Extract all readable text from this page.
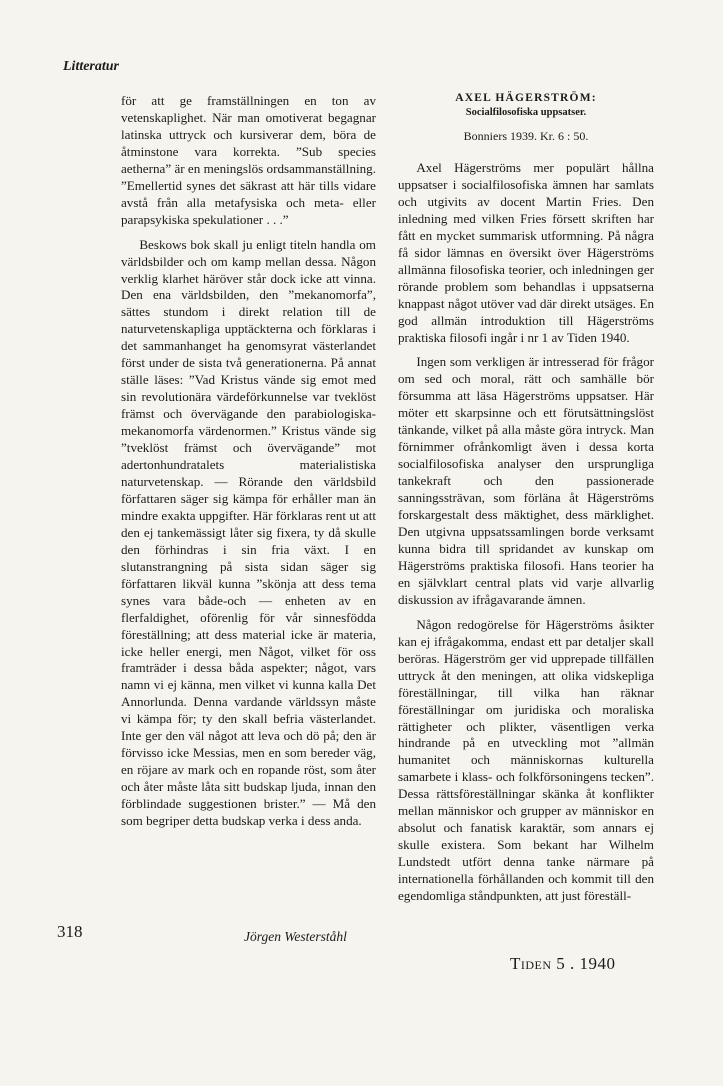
Litteratur

för att ge framställningen en ton av vetenskaplighet. När man omotiverat begagnar latinska uttryck och kursiverar dem, böra de åtminstone vara korrekta. ”Sub species aetherna” är en meningslös ordsammanställning. ”Emellertid synes det säkrast att här tills vidare avstå från alla metafysiska och meta- eller parapsykiska spekulationer . . .”

Beskows bok skall ju enligt titeln handla om världsbilder och om kamp mellan dessa. Någon verklig klarhet häröver står dock icke att vinna. Den ena världsbilden, den ”mekanomorfa”, sättes stundom i direkt relation till de naturvetenskapliga upptäckterna och förklaras i det sammanhanget ha genomsyrat västerlandet först under de sista två generationerna. På annat ställe läses: ”Vad Kristus vände sig emot med sin revolutionära värdeförkunnelse var tveklöst främst och övervägande den parabiologiska-mekanomorfa värdenormen.” Kristus vände sig ”tveklöst främst och övervägande” mot adertonhundratalets materialistiska naturvetenskap. — Rörande den världsbild författaren säger sig kämpa för erhåller man än mindre exakta uppgifter. Här förklaras rent ut att den ej tankemässigt låter sig fixera, ty då skulle den förhindras i sin fria växt. I en slutanstrangning på sista sidan säger sig författaren likväl kunna ”skönja att dess tema synes vara både-och — enheten av en flerfaldighet, oförenlig för vår sinnesfödda föreställning; att dess material icke är materia, icke heller energi, men Något, vilket för oss framträder i dessa båda aspekter; något, vars namn vi ej känna, men vilket vi kunna kalla Det Annorlunda. Denna vardande världssyn måste vi kämpa för; ty den skall befria västerlandet. Inte ger den väl något att leva och dö på; den är förvisso icke Messias, men en som bereder väg, en röjare av mark och en ropande röst, som åter och åter måste låta sitt budskap ljuda, innan den förblindade suggestionen brister.” — Må den som begriper detta budskap verka i dess anda.

Jörgen Westerståhl
AXEL HÄGERSTRÖM:
Socialfilosofiska uppsatser.
Bonniers 1939. Kr. 6 : 50.

Axel Hägerströms mer populärt hållna uppsatser i socialfilosofiska ämnen har samlats och utgivits av docent Martin Fries. Den inledning med vilken Fries försett skriften har fått en mycket summarisk utformning. På några få sidor lämnas en översikt över Hägerströms allmänna filosofiska teorier, och inledningen ger rörande problem som behandlas i uppsatserna knappast något utöver vad där direkt utsäges. En god allmän introduktion till Hägerströms praktiska filosofi ingår i nr 1 av Tiden 1940.

Ingen som verkligen är intresserad för frågor om sed och moral, rätt och samhälle bör försumma att läsa Hägerströms uppsatser. Här möter ett skarpsinne och ett förutsättningslöst tänkande, vilket på alla måste göra intryck. Man förnimmer ofrånkomligt även i dessa korta socialfilosofiska analyser den ursprungliga tankekraft och den passionerade sanningssträvan, som förläna åt Hägerströms forskargestalt dess mäktighet, dess märklighet. Den utgivna uppsatssamlingen borde verksamt kunna bidra till spridandet av kunskap om Hägerströms praktiska filosofi. Hans teorier ha en självklart central plats vid varje allvarlig diskussion av ifrågavarande ämnen.

Någon redogörelse för Hägerströms åsikter kan ej ifrågakomma, endast ett par detaljer skall beröras. Hägerström ger vid upprepade tillfällen uttryck åt den meningen, att olika vidskepliga föreställningar, till vilka han räknar föreställningar om juridiska och moraliska rättigheter och plikter, väsentligen verka hindrande på en utveckling mot ”allmän humanitet och människornas kulturella samarbete i klass- och folkförsoningens tecken”. Dessa rättsföreställningar skänka åt konflikter mellan människor och grupper av människor en absolut och fanatisk karaktär, som annars ej skulle existera. Som bekant har Wilhelm Lundstedt utfört denna tanke närmare på internationella förhållanden och kommit till den egendomliga ståndpunkten, att just föreställ-

318
Tiden 5 . 1940
